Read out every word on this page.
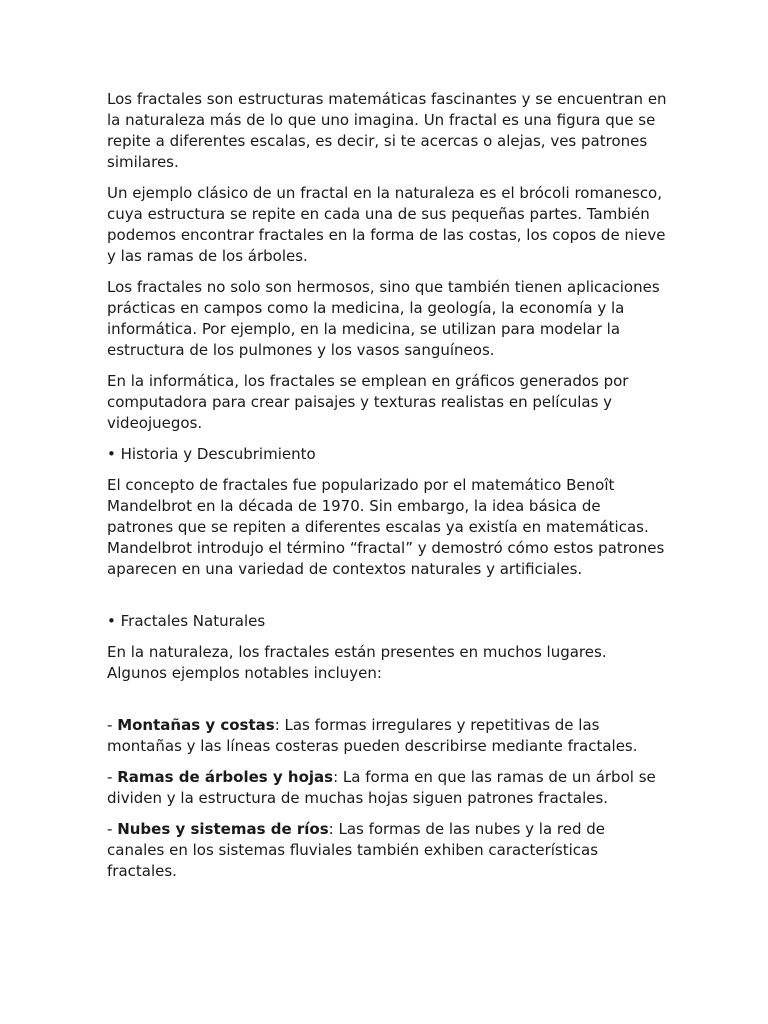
Los fractales son estructuras matemáticas fascinantes y se encuentran en la naturaleza más de lo que uno imagina. Un fractal es una figura que se repite a diferentes escalas, es decir, si te acercas o alejas, ves patrones similares.

Un ejemplo clásico de un fractal en la naturaleza es el brócoli romanesco, cuya estructura se repite en cada una de sus pequeñas partes. También podemos encontrar fractales en la forma de las costas, los copos de nieve y las ramas de los árboles.

Los fractales no solo son hermosos, sino que también tienen aplicaciones prácticas en campos como la medicina, la geología, la economía y la informática. Por ejemplo, en la medicina, se utilizan para modelar la estructura de los pulmones y los vasos sanguíneos.

En la informática, los fractales se emplean en gráficos generados por computadora para crear paisajes y texturas realistas en películas y videojuegos.

• Historia y Descubrimiento

El concepto de fractales fue popularizado por el matemático Benoît Mandelbrot en la década de 1970. Sin embargo, la idea básica de patrones que se repiten a diferentes escalas ya existía en matemáticas. Mandelbrot introdujo el término “fractal” y demostró cómo estos patrones aparecen en una variedad de contextos naturales y artificiales.

• Fractales Naturales

En la naturaleza, los fractales están presentes en muchos lugares. Algunos ejemplos notables incluyen:

- Montañas y costas: Las formas irregulares y repetitivas de las montañas y las líneas costeras pueden describirse mediante fractales.

- Ramas de árboles y hojas: La forma en que las ramas de un árbol se dividen y la estructura de muchas hojas siguen patrones fractales.

- Nubes y sistemas de ríos: Las formas de las nubes y la red de canales en los sistemas fluviales también exhiben características fractales.
